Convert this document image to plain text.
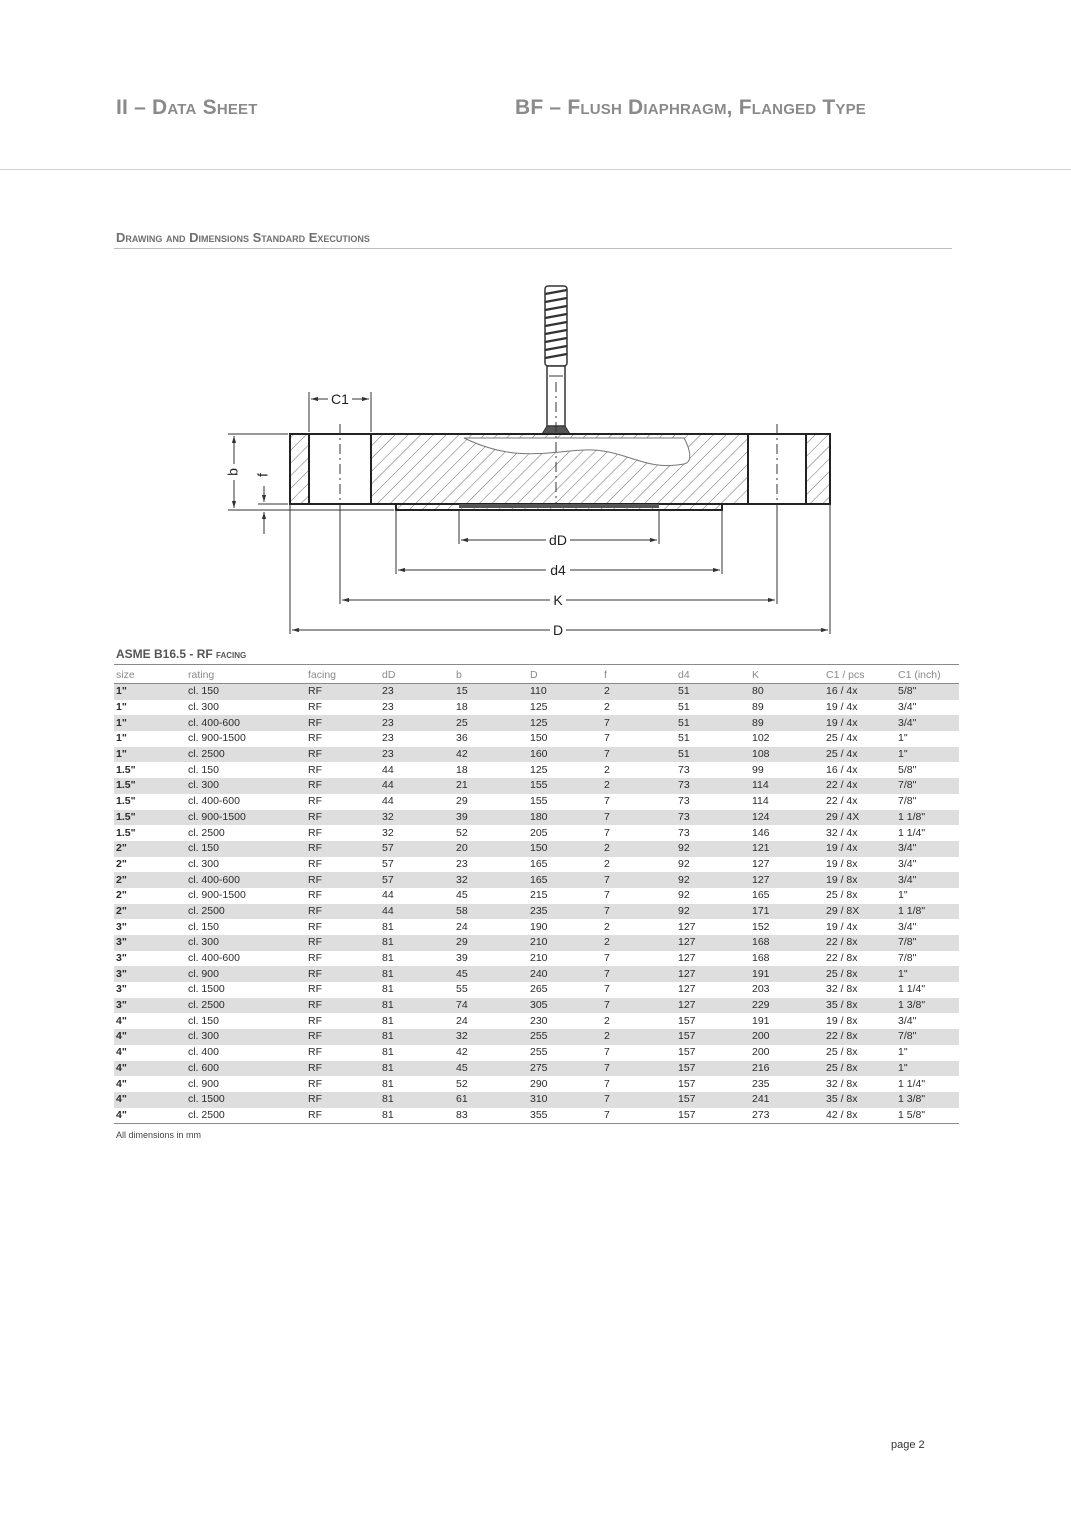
II – Data Sheet	BF – Flush Diaphragm, Flanged Type
Drawing and Dimensions Standard Executions
C1
b f
dD
d4
K
D
ASME B16.5 - RF facing
size	rating	facing	dD	b	D	f	d4	K	C1 / pcs	C1 (inch)
1"	cl. 150	RF	23	15	110	2	51	80	16 / 4x	5/8"
1"	cl. 300	RF	23	18	125	2	51	89	19 / 4x	3/4"
1"	cl. 400-600	RF	23	25	125	7	51	89	19 / 4x	3/4"
1"	cl. 900-1500	RF	23	36	150	7	51	102	25 / 4x	1"
1"	cl. 2500	RF	23	42	160	7	51	108	25 / 4x	1"
1.5"	cl. 150	RF	44	18	125	2	73	99	16 / 4x	5/8"
1.5"	cl. 300	RF	44	21	155	2	73	114	22 / 4x	7/8"
1.5"	cl. 400-600	RF	44	29	155	7	73	114	22 / 4x	7/8"
1.5"	cl. 900-1500	RF	32	39	180	7	73	124	29 / 4X	1 1/8"
1.5"	cl. 2500	RF	32	52	205	7	73	146	32 / 4x	1 1/4"
2"	cl. 150	RF	57	20	150	2	92	121	19 / 4x	3/4"
2"	cl. 300	RF	57	23	165	2	92	127	19 / 8x	3/4"
2"	cl. 400-600	RF	57	32	165	7	92	127	19 / 8x	3/4"
2"	cl. 900-1500	RF	44	45	215	7	92	165	25 / 8x	1"
2"	cl. 2500	RF	44	58	235	7	92	171	29 / 8X	1 1/8"
3"	cl. 150	RF	81	24	190	2	127	152	19 / 4x	3/4"
3"	cl. 300	RF	81	29	210	2	127	168	22 / 8x	7/8"
3"	cl. 400-600	RF	81	39	210	7	127	168	22 / 8x	7/8"
3"	cl. 900	RF	81	45	240	7	127	191	25 / 8x	1"
3"	cl. 1500	RF	81	55	265	7	127	203	32 / 8x	1 1/4"
3"	cl. 2500	RF	81	74	305	7	127	229	35 / 8x	1 3/8"
4"	cl. 150	RF	81	24	230	2	157	191	19 / 8x	3/4"
4"	cl. 300	RF	81	32	255	2	157	200	22 / 8x	7/8"
4"	cl. 400	RF	81	42	255	7	157	200	25 / 8x	1"
4"	cl. 600	RF	81	45	275	7	157	216	25 / 8x	1"
4"	cl. 900	RF	81	52	290	7	157	235	32 / 8x	1 1/4"
4"	cl. 1500	RF	81	61	310	7	157	241	35 / 8x	1 3/8"
4"	cl. 2500	RF	81	83	355	7	157	273	42 / 8x	1 5/8"
All dimensions in mm
page 2
